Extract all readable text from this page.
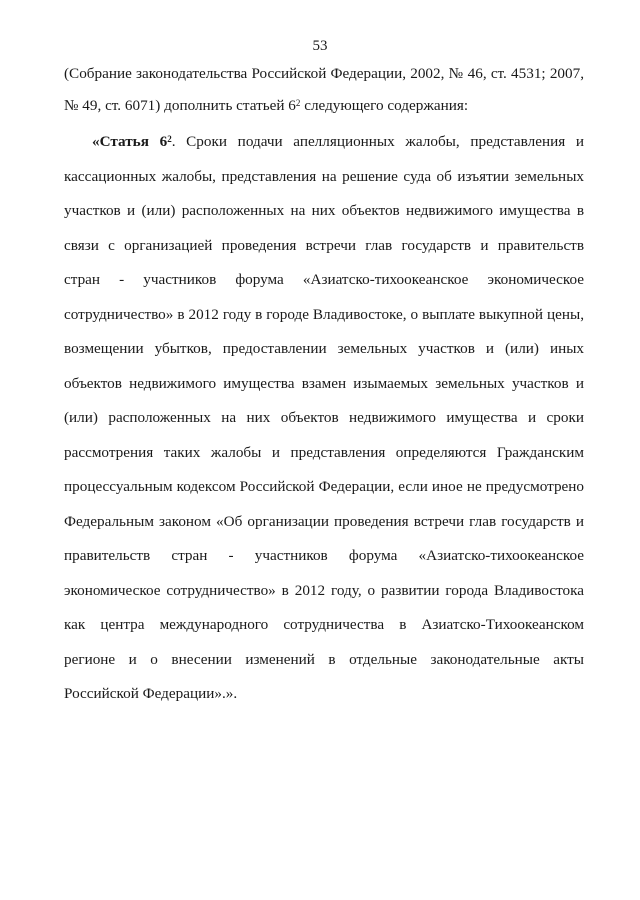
53
(Собрание законодательства Российской Федерации, 2002, № 46, ст. 4531; 2007,
№ 49, ст. 6071) дополнить статьей $6^2$ следующего содержания:
«Статья $6^2$. Сроки подачи апелляционных жалобы, представления и
кассационных жалобы, представления на решение суда об изъятии земельных
участков и (или) расположенных на них объектов недвижимого имущества в
связи с организацией проведения встречи глав государств и правительств
стран - участников форума «Азиатско-тихоокеанское экономическое
сотрудничество» в 2012 году в городе Владивостоке, о выплате выкупной цены,
возмещении убытков, предоставлении земельных участков и (или) иных
объектов недвижимого имущества взамен изымаемых земельных участков и
(или) расположенных на них объектов недвижимого имущества и сроки
рассмотрения таких жалобы и представления определяются Гражданским
процессуальным кодексом Российской Федерации, если иное не предусмотрено
Федеральным законом «Об организации проведения встречи глав государств и
правительств стран - участников форума «Азиатско-тихоокеанское
экономическое сотрудничество» в 2012 году, о развитии города Владивостока
как центра международного сотрудничества в Азиатско-Тихоокеанском
регионе и о внесении изменений в отдельные законодательные акты
Российской Федерации».».
